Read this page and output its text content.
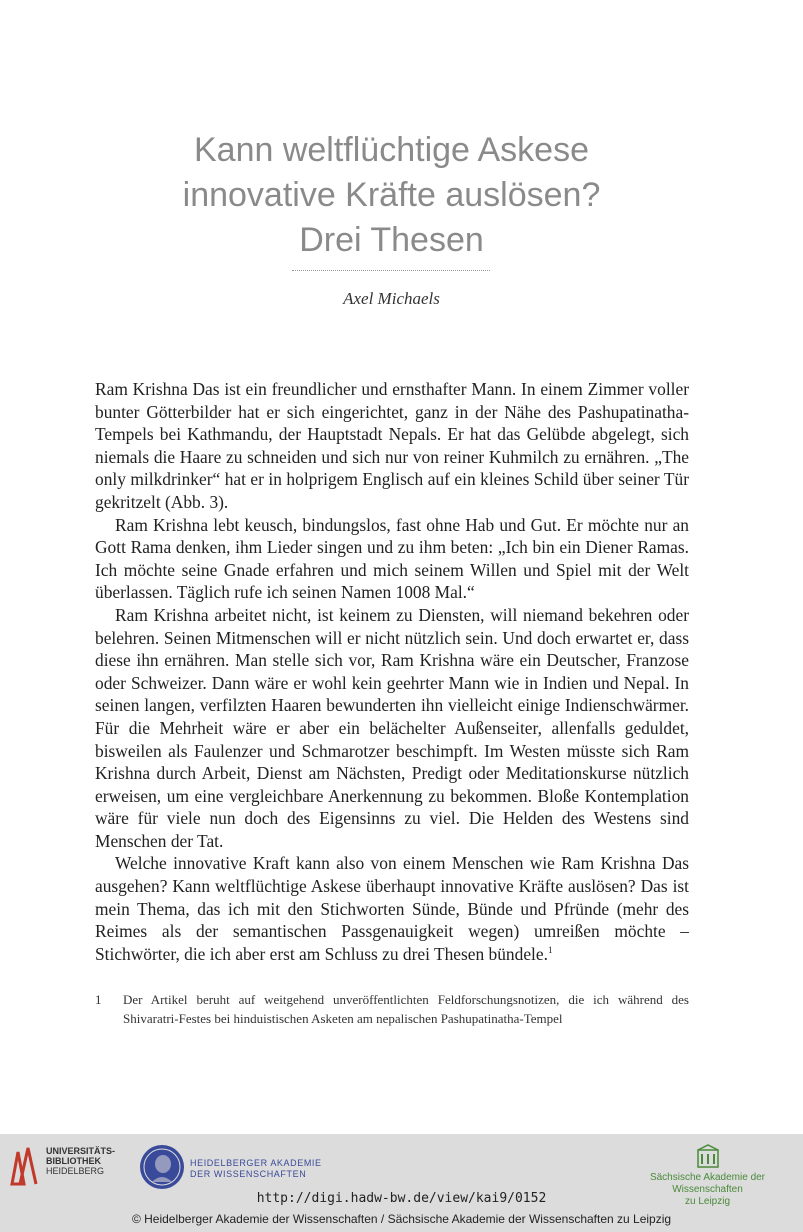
Kann weltflüchtige Askese
innovative Kräfte auslösen?
Drei Thesen
Axel Michaels

Ram Krishna Das ist ein freundlicher und ernsthafter Mann. In einem Zimmer voller bunter Götterbilder hat er sich eingerichtet, ganz in der Nähe des Pashupatinatha-Tempels bei Kathmandu, der Hauptstadt Nepals. Er hat das Gelübde abgelegt, sich niemals die Haare zu schneiden und sich nur von reiner Kuhmilch zu ernähren. „The only milkdrinker“ hat er in holprigem Englisch auf ein kleines Schild über seiner Tür gekritzelt (Abb. 3).

Ram Krishna lebt keusch, bindungslos, fast ohne Hab und Gut. Er möchte nur an Gott Rama denken, ihm Lieder singen und zu ihm beten: „Ich bin ein Diener Ramas. Ich möchte seine Gnade erfahren und mich seinem Willen und Spiel mit der Welt überlassen. Täglich rufe ich seinen Namen 1008 Mal.“

Ram Krishna arbeitet nicht, ist keinem zu Diensten, will niemand bekehren oder belehren. Seinen Mitmenschen will er nicht nützlich sein. Und doch erwartet er, dass diese ihn ernähren. Man stelle sich vor, Ram Krishna wäre ein Deutscher, Franzose oder Schweizer. Dann wäre er wohl kein geehrter Mann wie in Indien und Nepal. In seinen langen, verfilzten Haaren bewunderten ihn vielleicht einige Indienschwärmer. Für die Mehrheit wäre er aber ein belächelter Außenseiter, allenfalls geduldet, bisweilen als Faulenzer und Schmarotzer beschimpft. Im Westen müsste sich Ram Krishna durch Arbeit, Dienst am Nächsten, Predigt oder Meditationskurse nützlich erweisen, um eine vergleichbare Anerkennung zu bekommen. Bloße Kontemplation wäre für viele nun doch des Eigensinns zu viel. Die Helden des Westens sind Menschen der Tat.

Welche innovative Kraft kann also von einem Menschen wie Ram Krishna Das ausgehen? Kann weltflüchtige Askese überhaupt innovative Kräfte auslösen? Das ist mein Thema, das ich mit den Stichworten Sünde, Bünde und Pfründe (mehr des Reimes als der semantischen Passgenauigkeit wegen) umreißen möchte – Stichwörter, die ich aber erst am Schluss zu drei Thesen bündele.$^1$

1 Der Artikel beruht auf weitgehend unveröffentlichten Feldforschungsnotizen, die ich während des Shivaratri-Festes bei hinduistischen Asketen am nepalischen Pashupatinatha-Tempel
UNIVERSITÄTS-
BIBLIOTHEK
HEIDELBERG
HEIDELBERGER AKADEMIE
DER WISSENSCHAFTEN	Sächsische Akademie der Wissenschaften
zu Leipzig
http://digi.hadw-bw.de/view/kai9/0152
© Heidelberger Akademie der Wissenschaften / Sächsische Akademie der Wissenschaften zu Leipzig
